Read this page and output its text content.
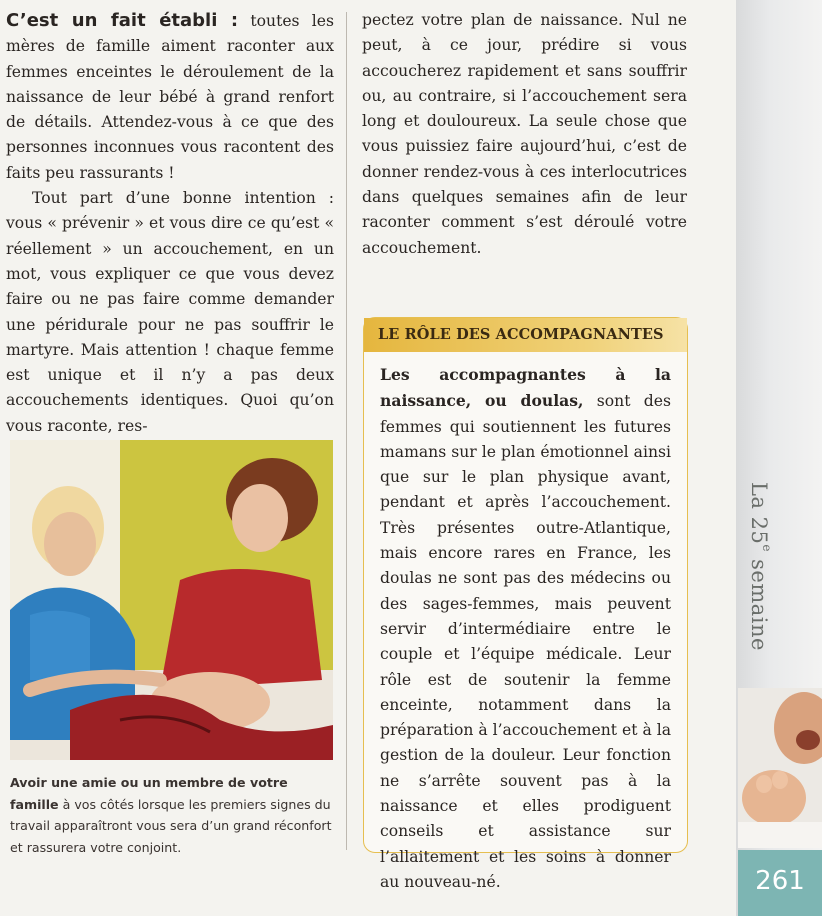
C’est un fait établi : toutes les mères de famille aiment raconter aux femmes enceintes le déroulement de la naissance de leur bébé à grand renfort de détails. Attendez-vous à ce que des personnes inconnues vous racontent des faits peu rassurants !

Tout part d’une bonne intention : vous « prévenir » et vous dire ce qu’est « réellement » un accouchement, en un mot, vous expliquer ce que vous devez faire ou ne pas faire comme demander une péridurale pour ne pas souffrir le martyre. Mais attention ! chaque femme est unique et il n’y a pas deux accouchements identiques. Quoi qu’on vous raconte, res-

Avoir une amie ou un membre de votre famille à vos côtés lorsque les premiers signes du travail apparaîtront vous sera d’un grand réconfort et rassurera votre conjoint.

pectez votre plan de naissance. Nul ne peut, à ce jour, prédire si vous accoucherez rapidement et sans souffrir ou, au contraire, si l’accouchement sera long et douloureux. La seule chose que vous puissiez faire aujourd’hui, c’est de donner rendez-vous à ces interlocutrices dans quelques semaines afin de leur raconter comment s’est déroulé votre accouchement.

LE RÔLE DES ACCOMPAGNANTES
Les accompagnantes à la naissance, ou doulas, sont des femmes qui soutiennent les futures mamans sur le plan émotionnel ainsi que sur le plan physique avant, pendant et après l’accouchement. Très présentes outre-Atlantique, mais encore rares en France, les doulas ne sont pas des médecins ou des sages-femmes, mais peuvent servir d’intermédiaire entre le couple et l’équipe médicale. Leur rôle est de soutenir la femme enceinte, notamment dans la préparation à l’accouchement et à la gestion de la douleur. Leur fonction ne s’arrête souvent pas à la naissance et elles prodiguent conseils et assistance sur l’allaitement et les soins à donner au nouveau-né.
La 25e semaine
261
